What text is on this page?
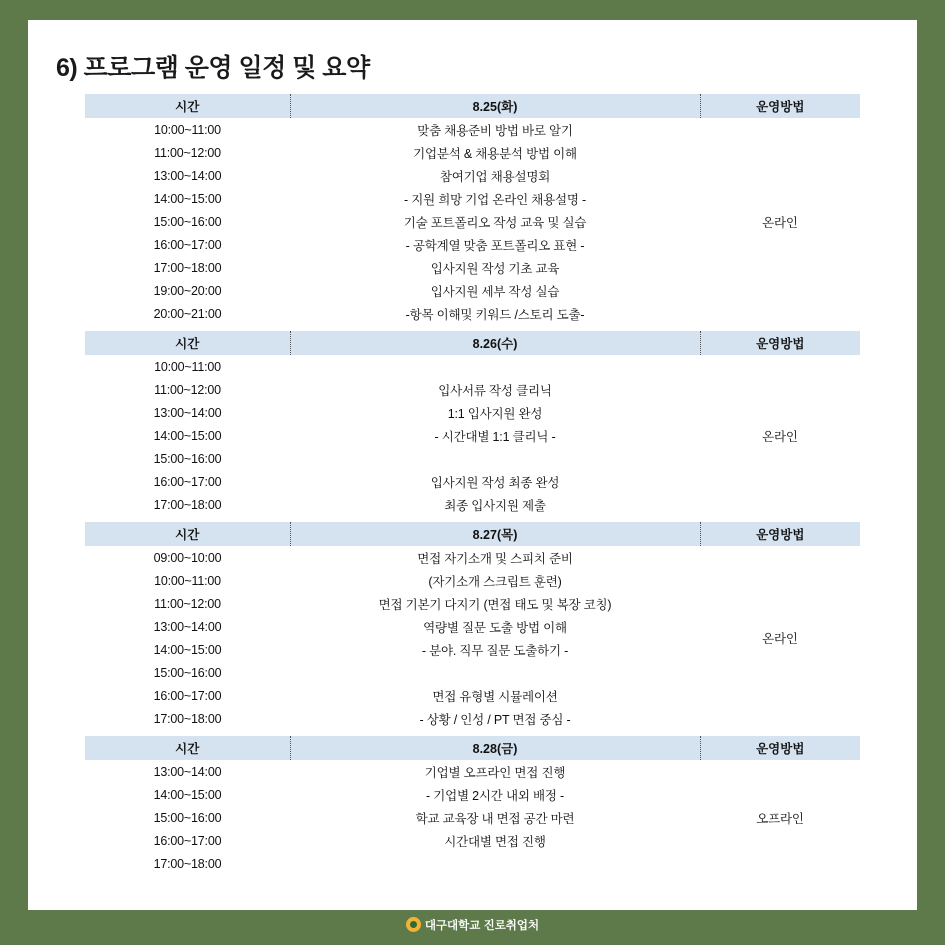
6) 프로그램 운영 일정 및 요약
시간	8.25(화)	운영방법
10:00~11:00	맞춤 채용준비 방법 바로 알기	온라인
11:00~12:00	기업분석 & 채용분석 방법 이해	
13:00~14:00	참여기업 채용설명회	
14:00~15:00	- 지원 희망 기업 온라인 채용설명 -	
15:00~16:00	기술 포트폴리오 작성 교육 및 실습	
16:00~17:00	- 공학계열 맞춤 포트폴리오 표현 -	
17:00~18:00	입사지원 작성 기초 교육	
19:00~20:00	입사지원 세부 작성 실습	
20:00~21:00	-항목 이해및 키워드 /스토리 도출-	

시간	8.26(수)	운영방법
10:00~11:00		온라인
11:00~12:00	입사서류 작성 클리닉	
13:00~14:00	1:1 입사지원 완성	
14:00~15:00	- 시간대별 1:1 클리닉 -	
15:00~16:00		
16:00~17:00	입사지원 작성 최종 완성	
17:00~18:00	최종 입사지원 제출	

시간	8.27(목)	운영방법
09:00~10:00	면접 자기소개 및 스피치 준비	온라인
10:00~11:00	(자기소개 스크립트 훈련)	
11:00~12:00	면접 기본기 다지기 (면접 태도 및 복장 코칭)	
13:00~14:00	역량별 질문 도출 방법 이해	
14:00~15:00	- 분야. 직무 질문 도출하기 -	
15:00~16:00		
16:00~17:00	면접 유형별 시뮬레이션	
17:00~18:00	- 상황 / 인성 / PT 면접 중심 -	

시간	8.28(금)	운영방법
13:00~14:00	기업별 오프라인 면접 진행	오프라인
14:00~15:00	- 기업별 2시간 내외 배정 -	
15:00~16:00	학교 교육장 내 면접 공간 마련	
16:00~17:00	시간대별 면접 진행	
17:00~18:00		
대구대학교 진로취업처
